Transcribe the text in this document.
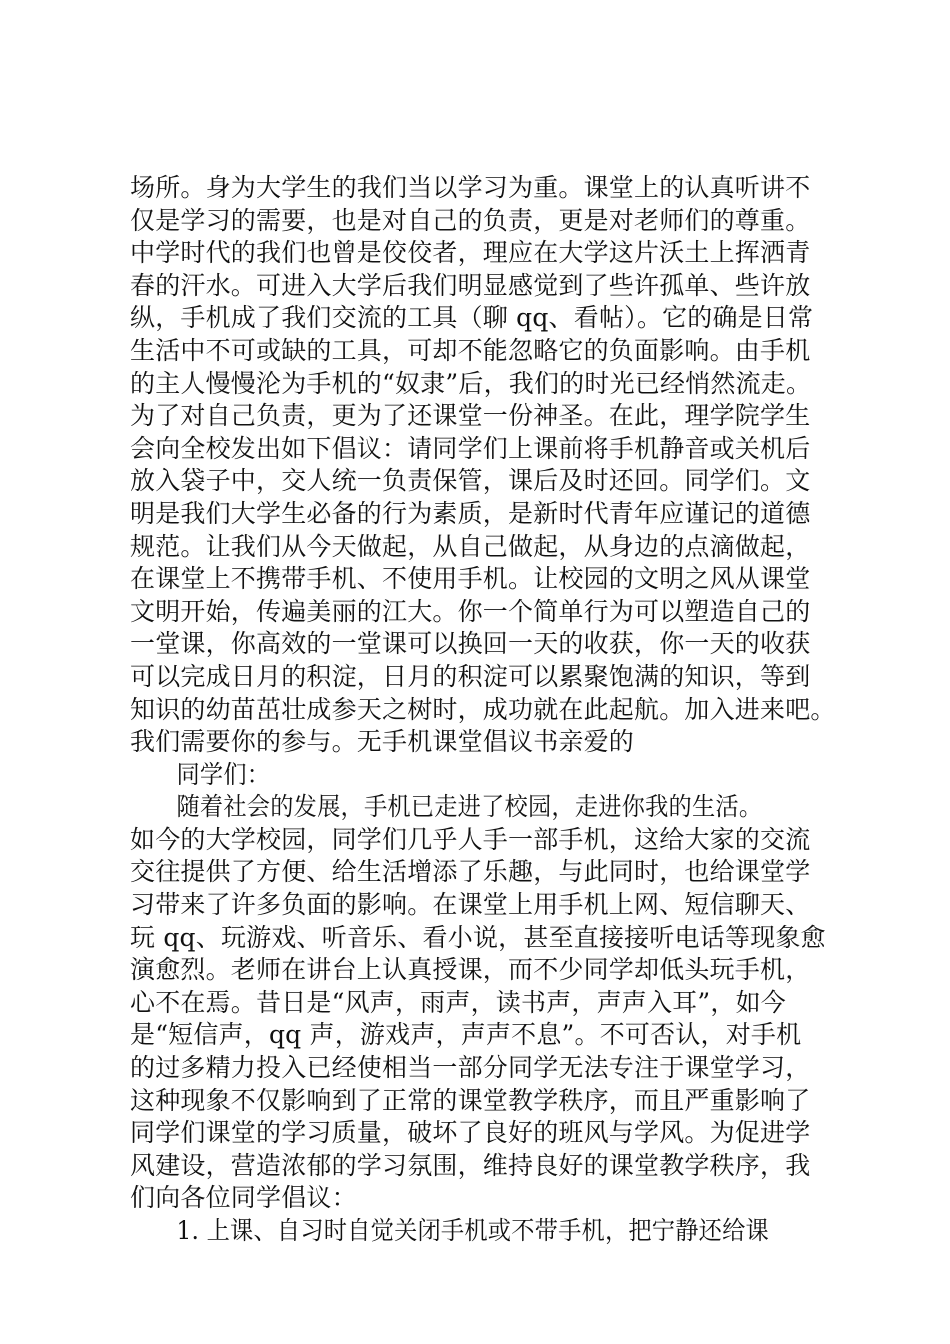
场所。身为大学生的我们当以学习为重。课堂上的认真听讲不
仅是学习的需要，也是对自己的负责，更是对老师们的尊重。
中学时代的我们也曾是佼佼者，理应在大学这片沃土上挥洒青
春的汗水。可进入大学后我们明显感觉到了些许孤单、些许放
纵，手机成了我们交流的工具（聊 qq、看帖）。它的确是日常
生活中不可或缺的工具，可却不能忽略它的负面影响。由手机
的主人慢慢沦为手机的“奴隶”后，我们的时光已经悄然流走。
为了对自己负责，更为了还课堂一份神圣。在此，理学院学生
会向全校发出如下倡议：请同学们上课前将手机静音或关机后
放入袋子中，交人统一负责保管，课后及时还回。同学们。文
明是我们大学生必备的行为素质，是新时代青年应谨记的道德
规范。让我们从今天做起，从自己做起，从身边的点滴做起，
在课堂上不携带手机、不使用手机。让校园的文明之风从课堂
文明开始，传遍美丽的江大。你一个简单行为可以塑造自己的
一堂课，你高效的一堂课可以换回一天的收获，你一天的收获
可以完成日月的积淀，日月的积淀可以累聚饱满的知识，等到
知识的幼苗茁壮成参天之树时，成功就在此起航。加入进来吧。
我们需要你的参与。无手机课堂倡议书亲爱的
同学们：
随着社会的发展，手机已走进了校园，走进你我的生活。
如今的大学校园，同学们几乎人手一部手机，这给大家的交流
交往提供了方便、给生活增添了乐趣，与此同时，也给课堂学
习带来了许多负面的影响。在课堂上用手机上网、短信聊天、
玩 qq、玩游戏、听音乐、看小说，甚至直接接听电话等现象愈
演愈烈。老师在讲台上认真授课，而不少同学却低头玩手机，
心不在焉。昔日是“风声，雨声，读书声，声声入耳”，如今
是“短信声，qq 声，游戏声，声声不息”。不可否认，对手机
的过多精力投入已经使相当一部分同学无法专注于课堂学习，
这种现象不仅影响到了正常的课堂教学秩序，而且严重影响了
同学们课堂的学习质量，破坏了良好的班风与学风。为促进学
风建设，营造浓郁的学习氛围，维持良好的课堂教学秩序，我
们向各位同学倡议：
1. 上课、自习时自觉关闭手机或不带手机，把宁静还给课
